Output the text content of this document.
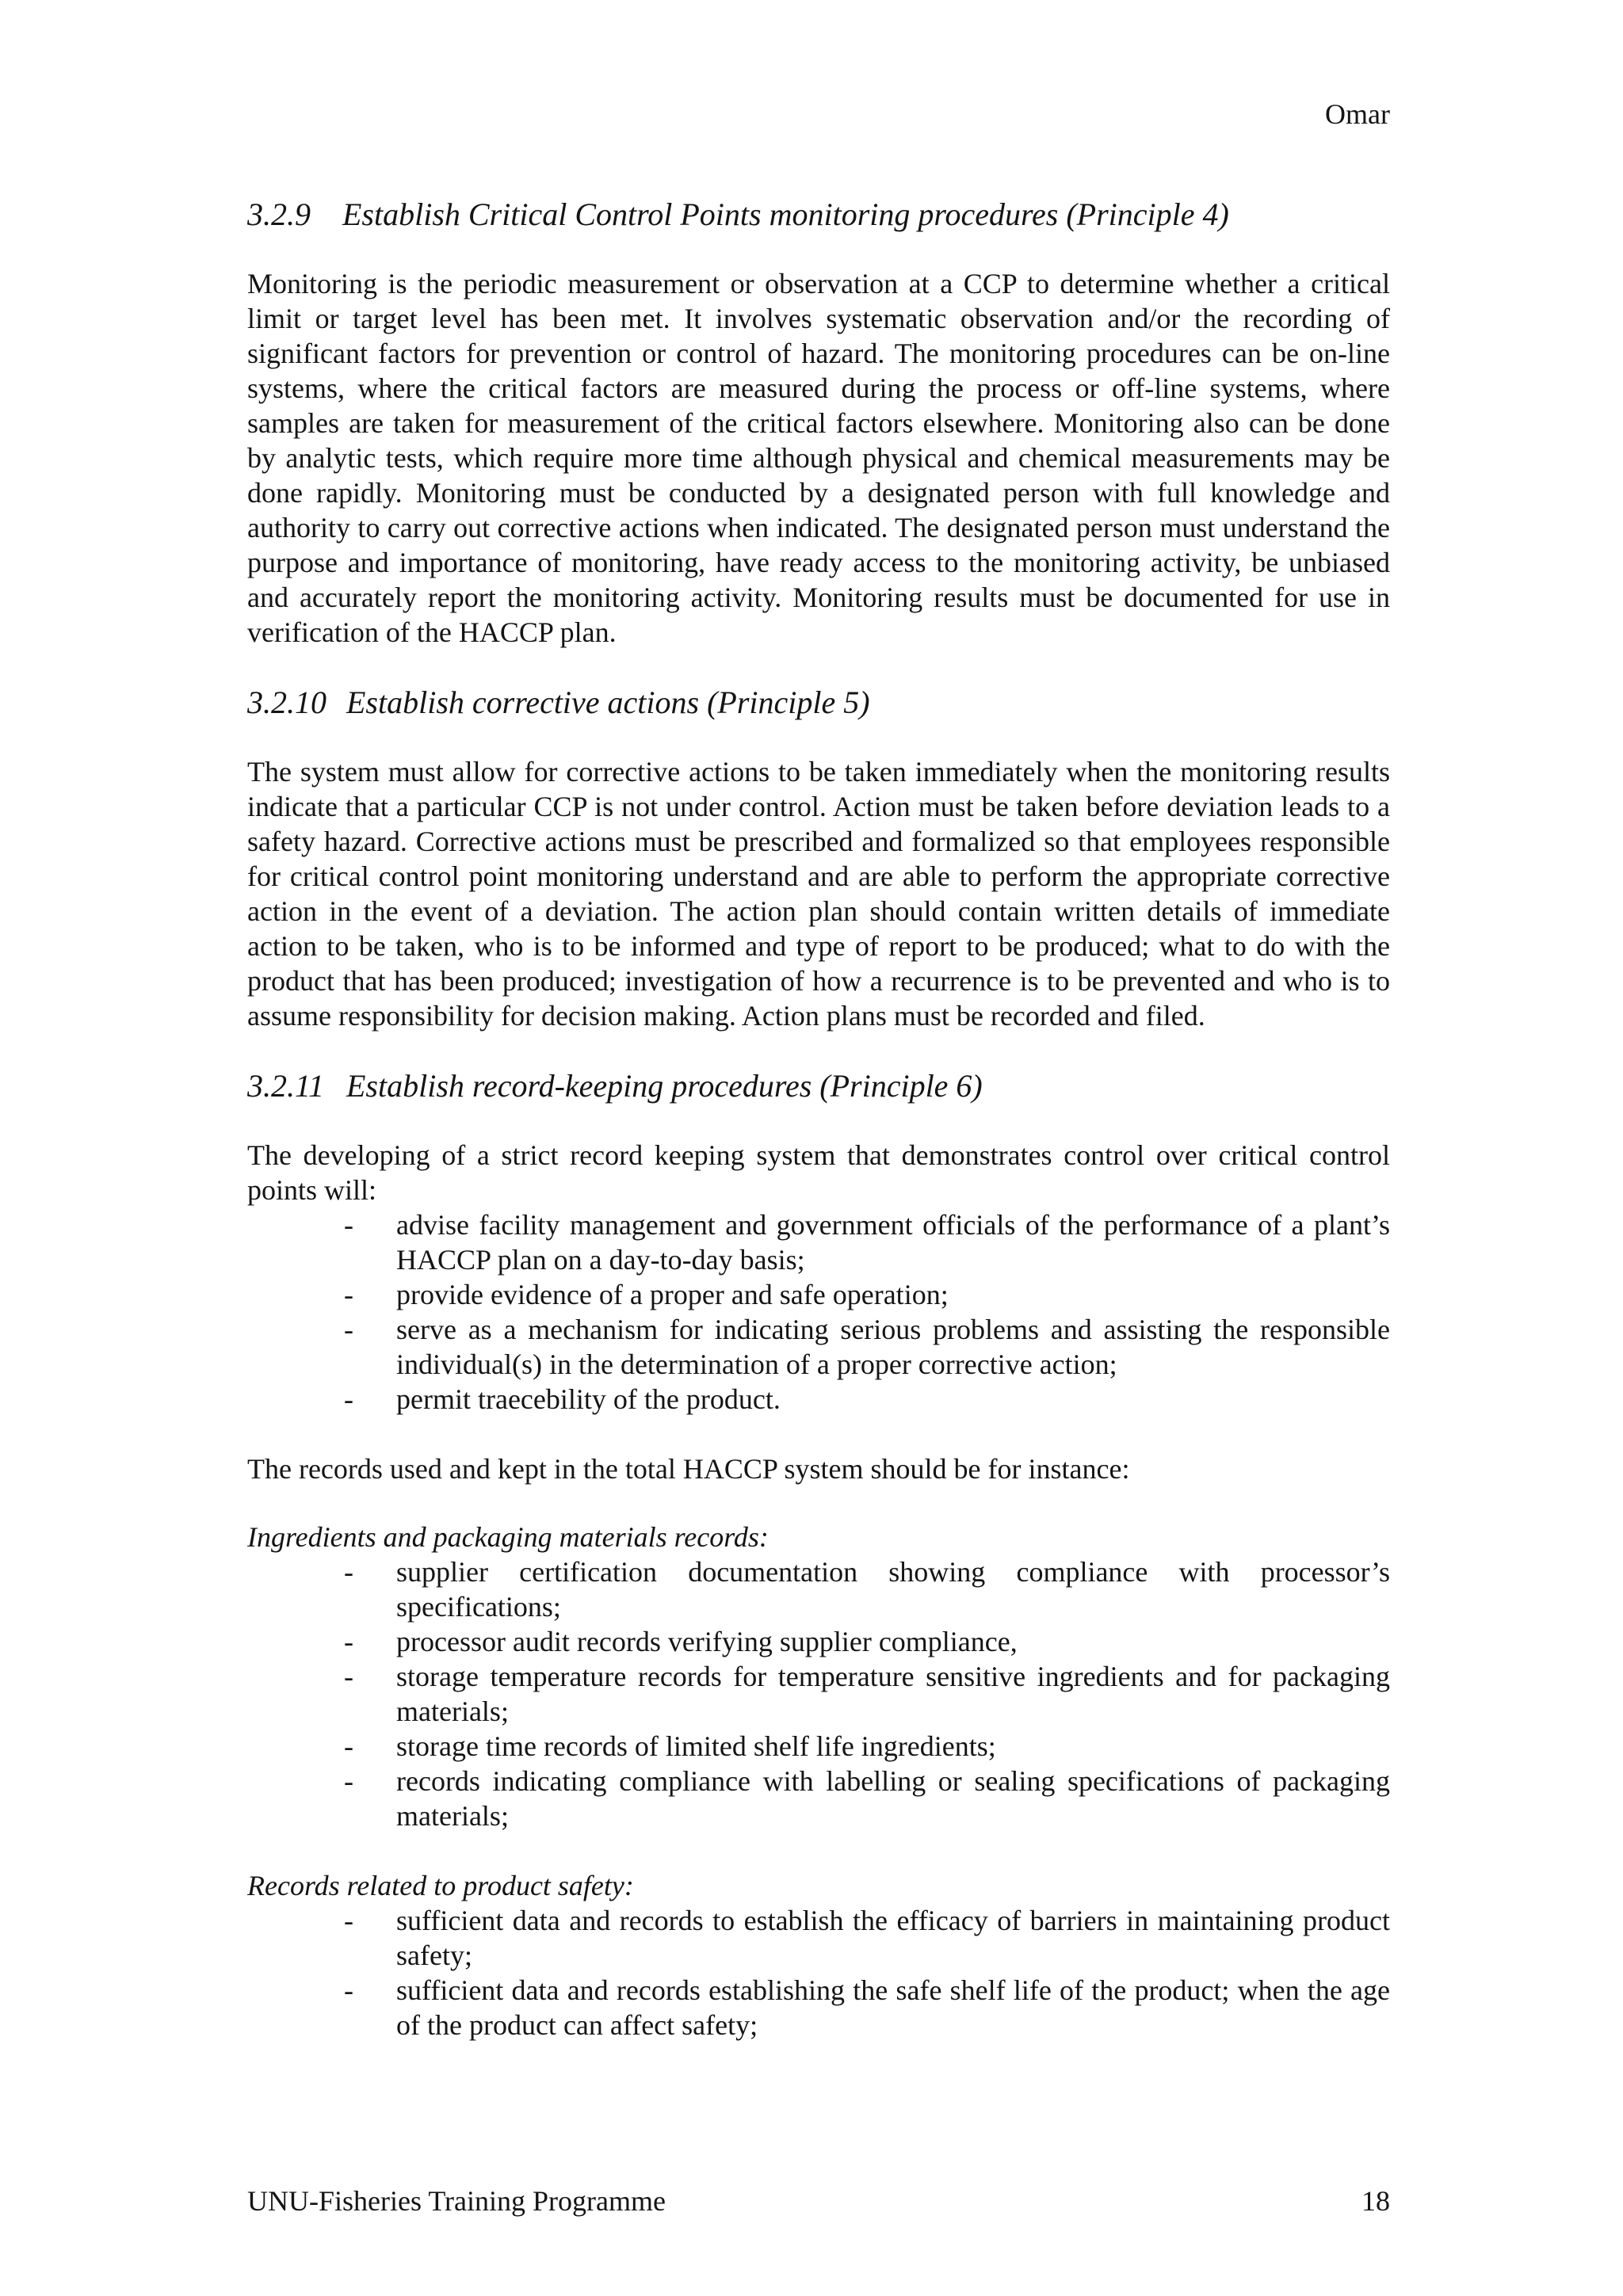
Omar
3.2.9 Establish Critical Control Points monitoring procedures (Principle 4)

Monitoring is the periodic measurement or observation at a CCP to determine whether a critical limit or target level has been met. It involves systematic observation and/or the recording of significant factors for prevention or control of hazard. The monitoring procedures can be on-line systems, where the critical factors are measured during the process or off-line systems, where samples are taken for measurement of the critical factors elsewhere. Monitoring also can be done by analytic tests, which require more time although physical and chemical measurements may be done rapidly. Monitoring must be conducted by a designated person with full knowledge and authority to carry out corrective actions when indicated. The designated person must understand the purpose and importance of monitoring, have ready access to the monitoring activity, be unbiased and accurately report the monitoring activity. Monitoring results must be documented for use in verification of the HACCP plan.

3.2.10 Establish corrective actions (Principle 5)

The system must allow for corrective actions to be taken immediately when the monitoring results indicate that a particular CCP is not under control. Action must be taken before deviation leads to a safety hazard. Corrective actions must be prescribed and formalized so that employees responsible for critical control point monitoring understand and are able to perform the appropriate corrective action in the event of a deviation. The action plan should contain written details of immediate action to be taken, who is to be informed and type of report to be produced; what to do with the product that has been produced; investigation of how a recurrence is to be prevented and who is to assume responsibility for decision making. Action plans must be recorded and filed.

3.2.11 Establish record-keeping procedures (Principle 6)

The developing of a strict record keeping system that demonstrates control over critical control points will:

- advise facility management and government officials of the performance of a plant’s HACCP plan on a day-to-day basis;
- provide evidence of a proper and safe operation;
- serve as a mechanism for indicating serious problems and assisting the responsible individual(s) in the determination of a proper corrective action;
- permit traecebility of the product.

The records used and kept in the total HACCP system should be for instance:

Ingredients and packaging materials records:

- supplier certification documentation showing compliance with processor’s specifications;
- processor audit records verifying supplier compliance,
- storage temperature records for temperature sensitive ingredients and for packaging materials;
- storage time records of limited shelf life ingredients;
- records indicating compliance with labelling or sealing specifications of packaging materials;

Records related to product safety:

- sufficient data and records to establish the efficacy of barriers in maintaining product safety;
- sufficient data and records establishing the safe shelf life of the product; when the age of the product can affect safety;
UNU-Fisheries Training Programme	18
